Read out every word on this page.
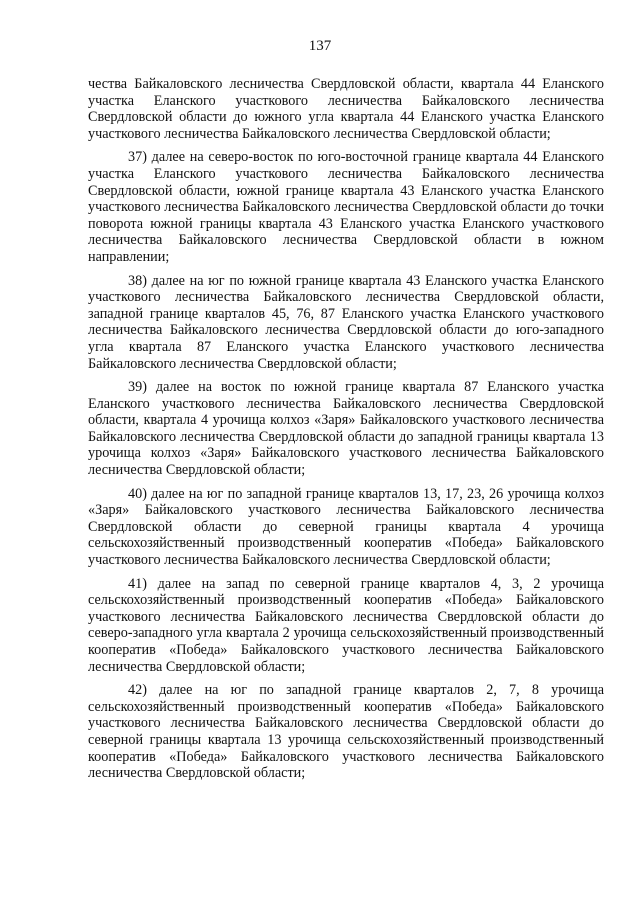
137

чества Байкаловского лесничества Свердловской области, квартала 44 Еланского участка Еланского участкового лесничества Байкаловского лесничества Свердловской области до южного угла квартала 44 Еланского участка Еланского участкового лесничества Байкаловского лесничества Свердловской области;

37) далее на северо-восток по юго-восточной границе квартала 44 Еланского участка Еланского участкового лесничества Байкаловского лесничества Свердловской области, южной границе квартала 43 Еланского участка Еланского участкового лесничества Байкаловского лесничества Свердловской области до точки поворота южной границы квартала 43 Еланского участка Еланского участкового лесничества Байкаловского лесничества Свердловской области в южном направлении;

38) далее на юг по южной границе квартала 43 Еланского участка Еланского участкового лесничества Байкаловского лесничества Свердловской области, западной границе кварталов 45, 76, 87 Еланского участка Еланского участкового лесничества Байкаловского лесничества Свердловской области до юго-западного угла квартала 87 Еланского участка Еланского участкового лесничества Байкаловского лесничества Свердловской области;

39) далее на восток по южной границе квартала 87 Еланского участка Еланского участкового лесничества Байкаловского лесничества Свердловской области, квартала 4 урочища колхоз «Заря» Байкаловского участкового лесничества Байкаловского лесничества Свердловской области до западной границы квартала 13 урочища колхоз «Заря» Байкаловского участкового лесничества Байкаловского лесничества Свердловской области;

40) далее на юг по западной границе кварталов 13, 17, 23, 26 урочища колхоз «Заря» Байкаловского участкового лесничества Байкаловского лесничества Свердловской области до северной границы квартала 4 урочища сельскохозяйственный производственный кооператив «Победа» Байкаловского участкового лесничества Байкаловского лесничества Свердловской области;

41) далее на запад по северной границе кварталов 4, 3, 2 урочища сельскохозяйственный производственный кооператив «Победа» Байкаловского участкового лесничества Байкаловского лесничества Свердловской области до северо-западного угла квартала 2 урочища сельскохозяйственный производственный кооператив «Победа» Байкаловского участкового лесничества Байкаловского лесничества Свердловской области;

42) далее на юг по западной границе кварталов 2, 7, 8 урочища сельскохозяйственный производственный кооператив «Победа» Байкаловского участкового лесничества Байкаловского лесничества Свердловской области до северной границы квартала 13 урочища сельскохозяйственный производственный кооператив «Победа» Байкаловского участкового лесничества Байкаловского лесничества Свердловской области;
